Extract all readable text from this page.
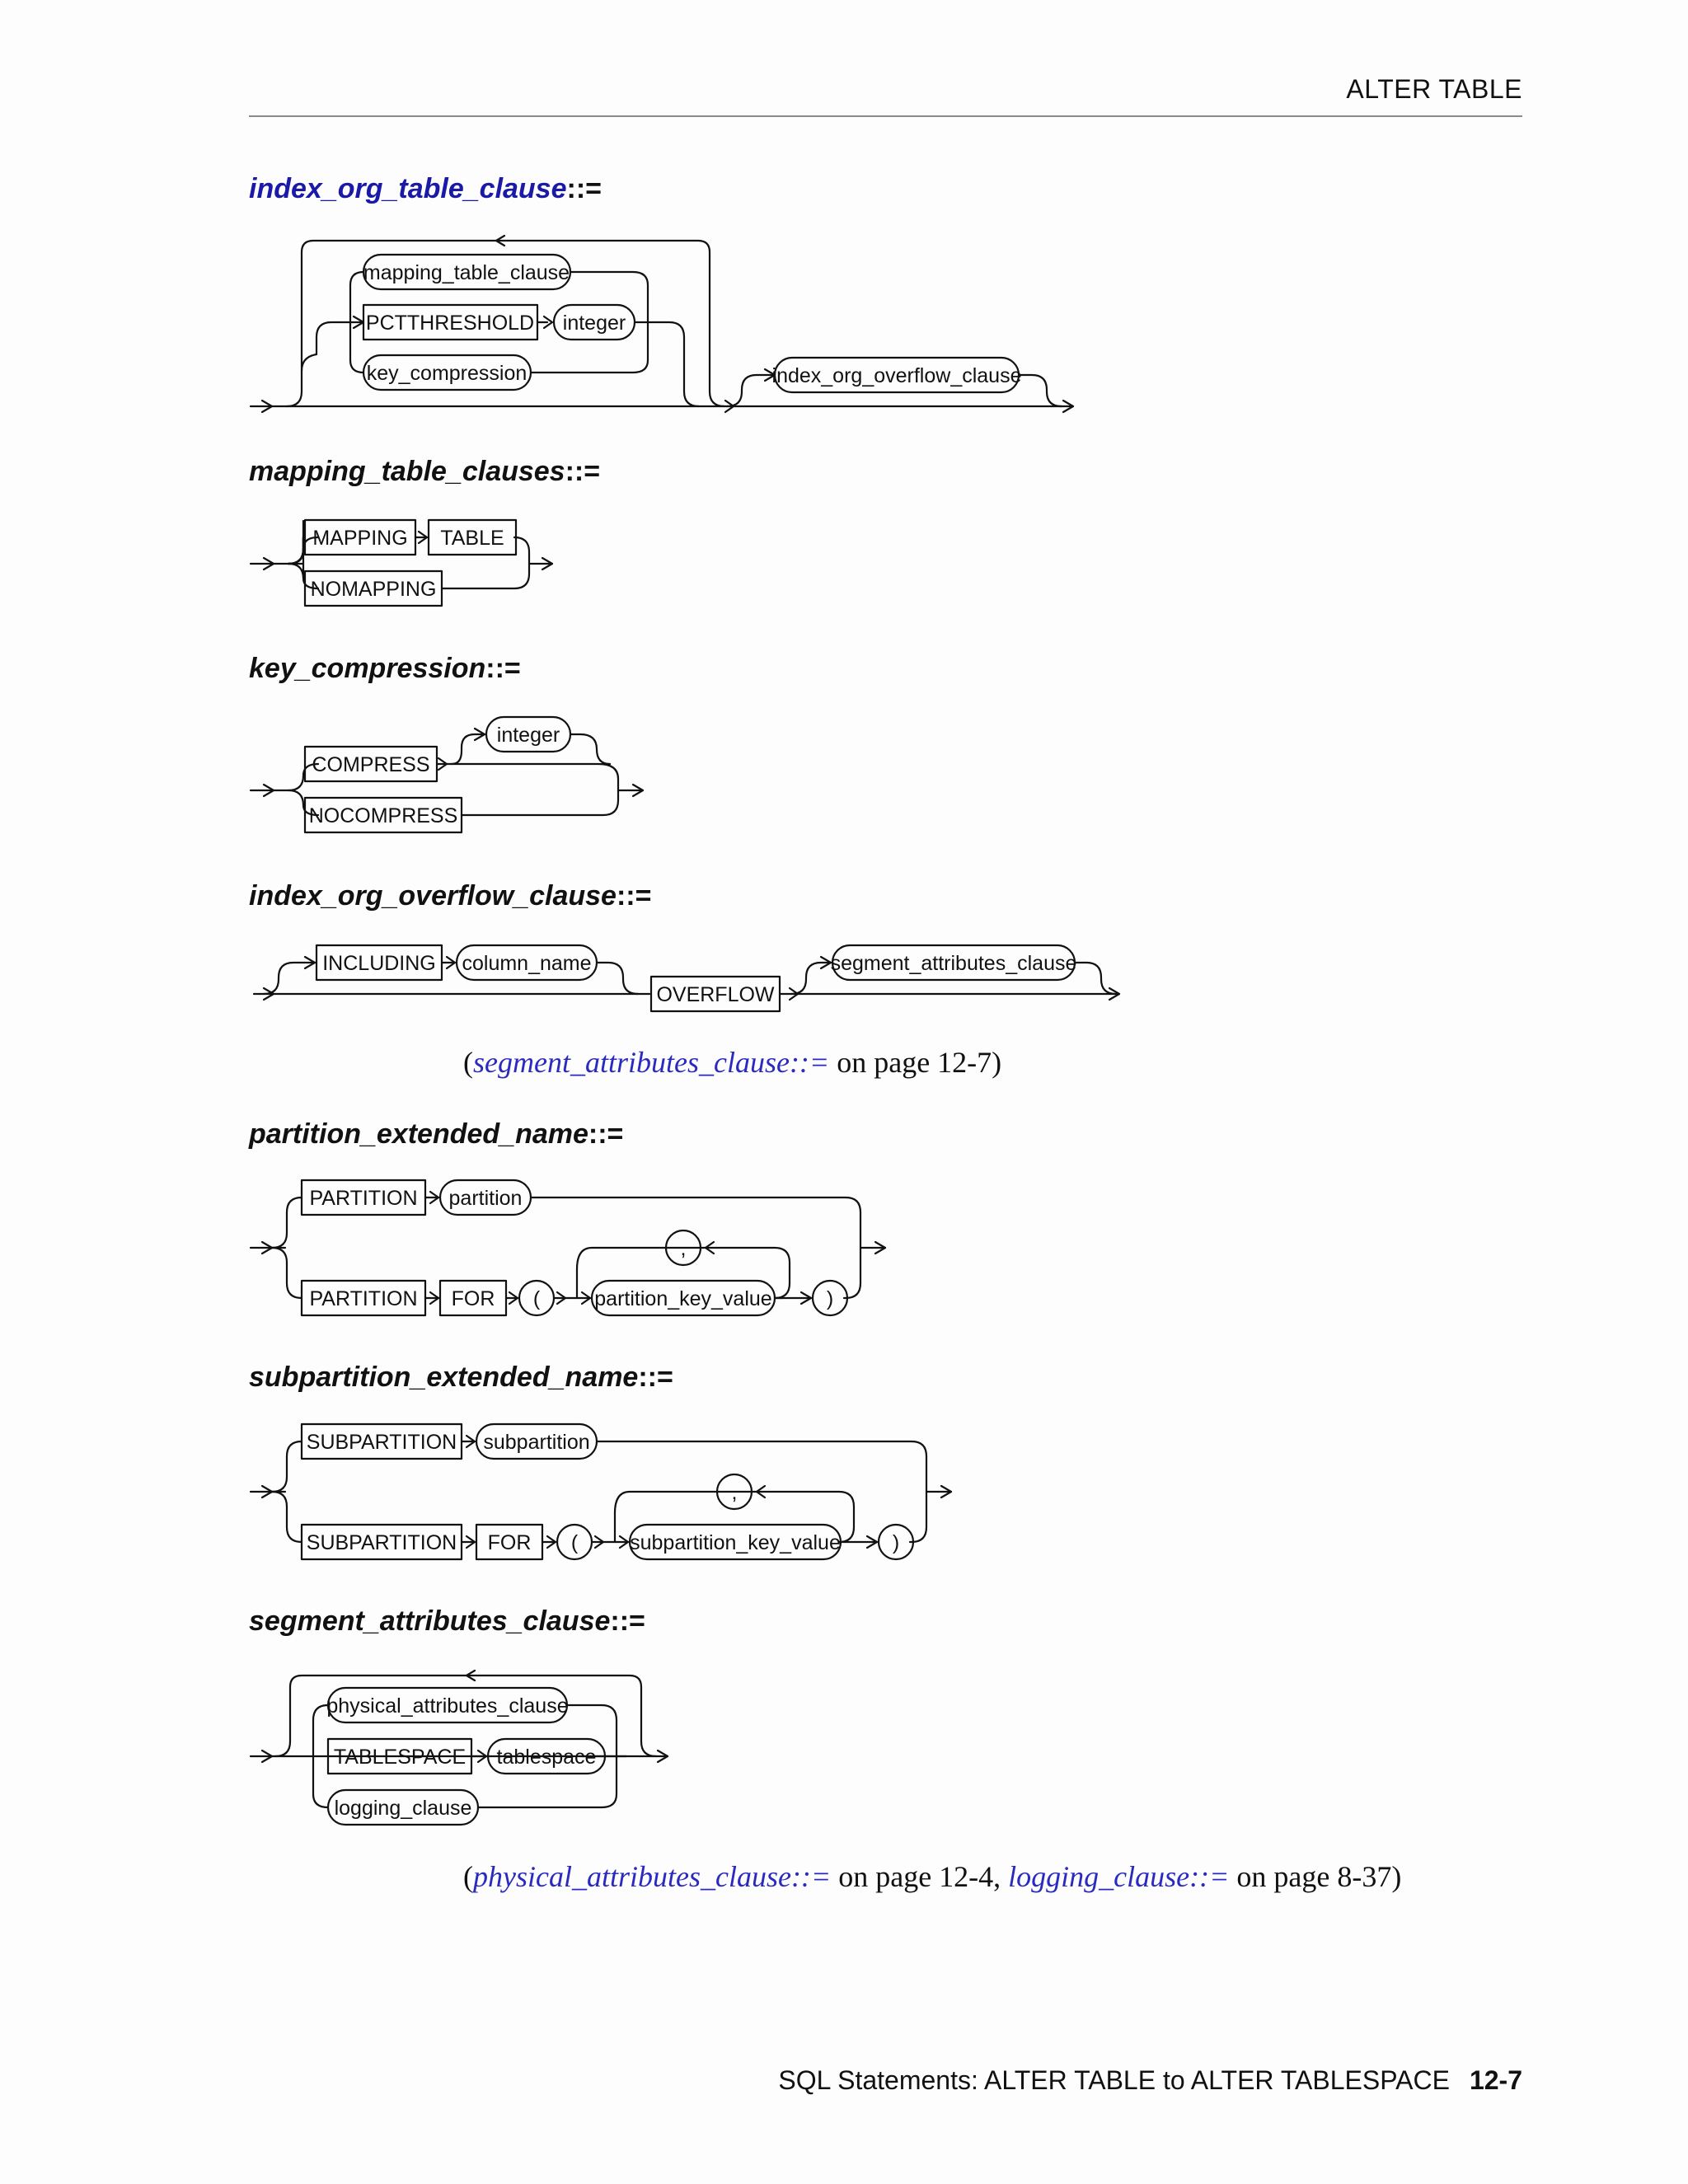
ALTER TABLE
index_org_table_clause::=
mapping_table_clauses::=
key_compression::=
index_org_overflow_clause::=
partition_extended_name::=
subpartition_extended_name::=
segment_attributes_clause::=
(segment_attributes_clause::= on page 12-7)
(physical_attributes_clause::= on page 12-4, logging_clause::= on page 8-37)
SQL Statements: ALTER TABLE to ALTER TABLESPACE 12-7
mapping_table_clause
PCTTHRESHOLD integer
key_compression	index_org_overflow_clause
MAPPING TABLE
NOMAPPING
COMPRESS
integer
NOCOMPRESS
INCLUDING column_name
OVERFLOW
segment_attributes_clause
PARTITION partition
PARTITION FOR (	partition_key_value
,
)
SUBPARTITION subpartition
SUBPARTITION FOR (	subpartition_key_value
,
)
physical_attributes_clause
TABLESPACE tablespace
logging_clause
